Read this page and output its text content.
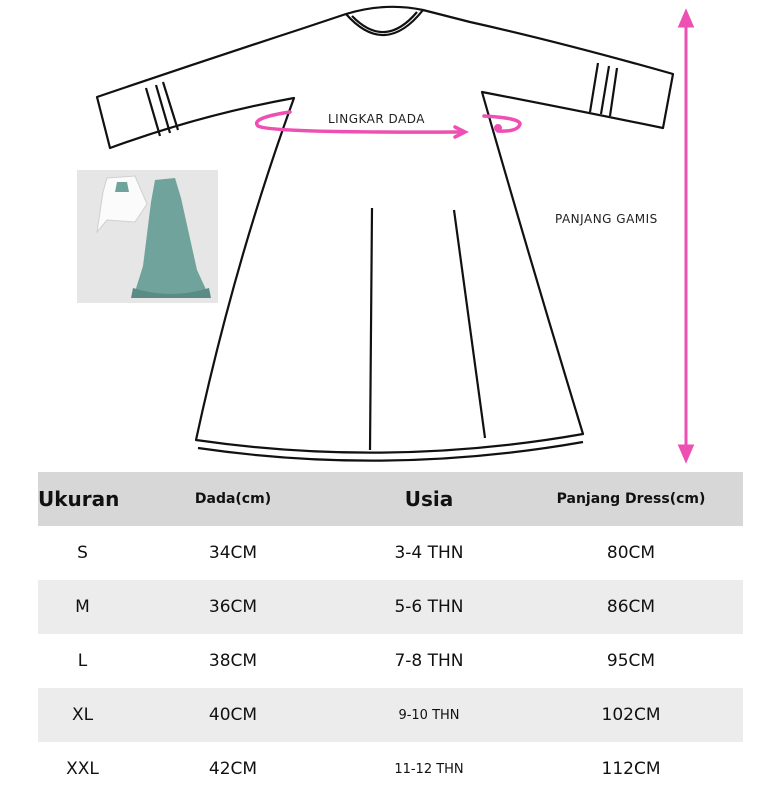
LINGKAR DADA
PANJANG GAMIS
Ukuran	Dada(cm)	Usia	Panjang Dress(cm)
S	34CM	3-4 THN	80CM
M	36CM	5-6 THN	86CM
L	38CM	7-8 THN	95CM
XL	40CM	9-10 THN	102CM
XXL	42CM	11-12 THN	112CM
